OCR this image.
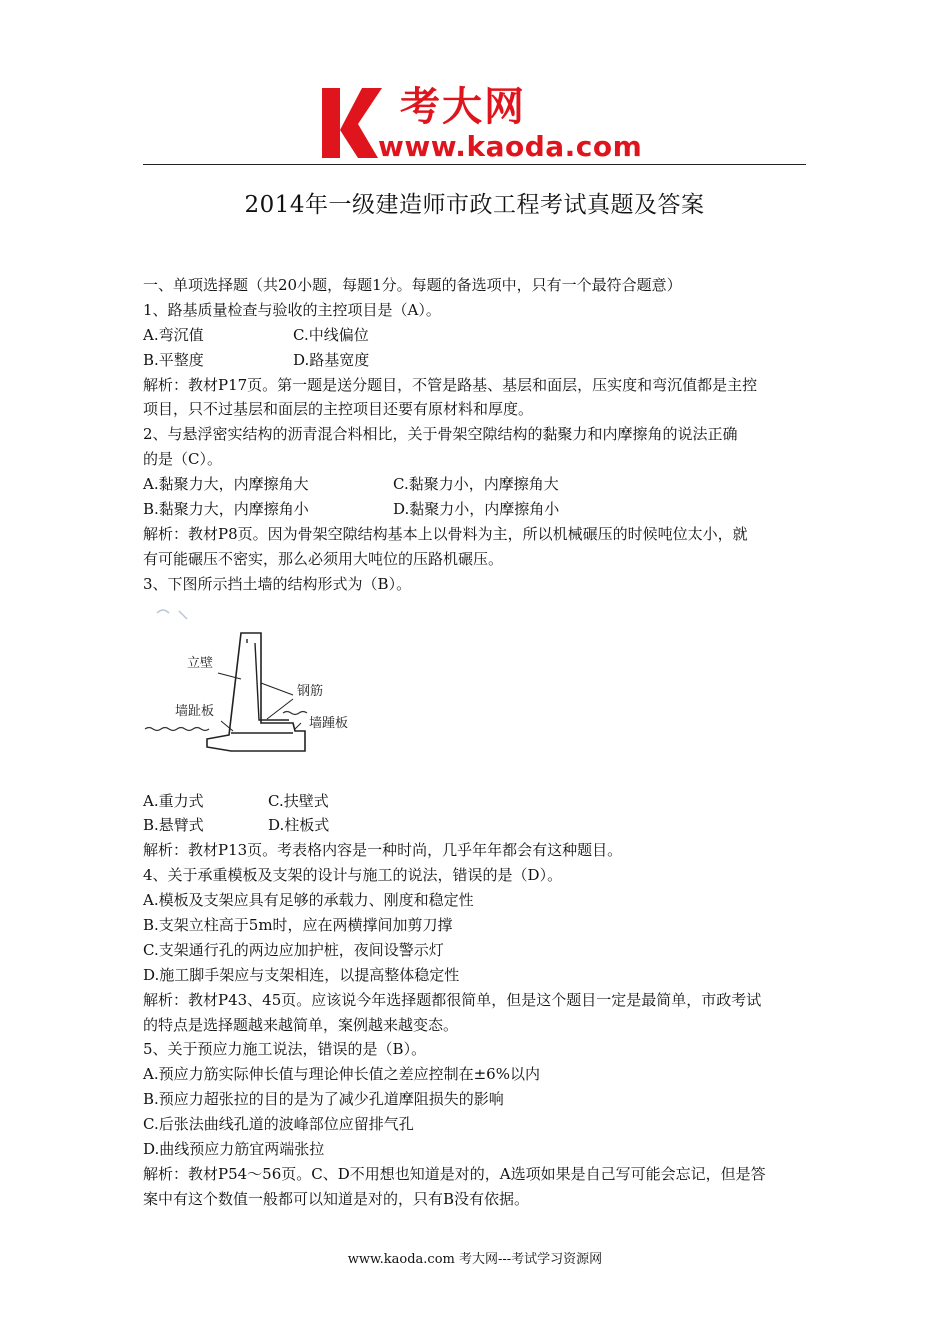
考大网
www.kaoda.com
2014年一级建造师市政工程考试真题及答案
一、单项选择题（共20小题，每题1分。每题的备选项中，只有一个最符合题意）
1、路基质量检查与验收的主控项目是（A）。
A.弯沉值	C.中线偏位
B.平整度	D.路基宽度
解析：教材P17页。第一题是送分题目，不管是路基、基层和面层，压实度和弯沉值都是主控
项目，只不过基层和面层的主控项目还要有原材料和厚度。
2、与悬浮密实结构的沥青混合料相比，关于骨架空隙结构的黏聚力和内摩擦角的说法正确
的是（C）。
A.黏聚力大，内摩擦角大	C.黏聚力小，内摩擦角大
B.黏聚力大，内摩擦角小	D.黏聚力小，内摩擦角小
解析：教材P8页。因为骨架空隙结构基本上以骨料为主，所以机械碾压的时候吨位太小，就
有可能碾压不密实，那么必须用大吨位的压路机碾压。
3、下图所示挡土墙的结构形式为（B）。
立壁
钢筋
墙趾板
墙踵板
A.重力式	C.扶壁式
B.悬臂式	D.柱板式
解析：教材P13页。考表格内容是一种时尚，几乎年年都会有这种题目。
4、关于承重模板及支架的设计与施工的说法，错误的是（D）。
A.模板及支架应具有足够的承载力、刚度和稳定性
B.支架立柱高于5m时，应在两横撑间加剪刀撑
C.支架通行孔的两边应加护桩，夜间设警示灯
D.施工脚手架应与支架相连，以提高整体稳定性
解析：教材P43、45页。应该说今年选择题都很简单，但是这个题目一定是最简单，市政考试
的特点是选择题越来越简单，案例越来越变态。
5、关于预应力施工说法，错误的是（B）。
A.预应力筋实际伸长值与理论伸长值之差应控制在±6%以内
B.预应力超张拉的目的是为了减少孔道摩阻损失的影响
C.后张法曲线孔道的波峰部位应留排气孔
D.曲线预应力筋宜两端张拉
解析：教材P54～56页。C、D不用想也知道是对的，A选项如果是自己写可能会忘记，但是答
案中有这个数值一般都可以知道是对的，只有B没有依据。
www.kaoda.com 考大网---考试学习资源网
